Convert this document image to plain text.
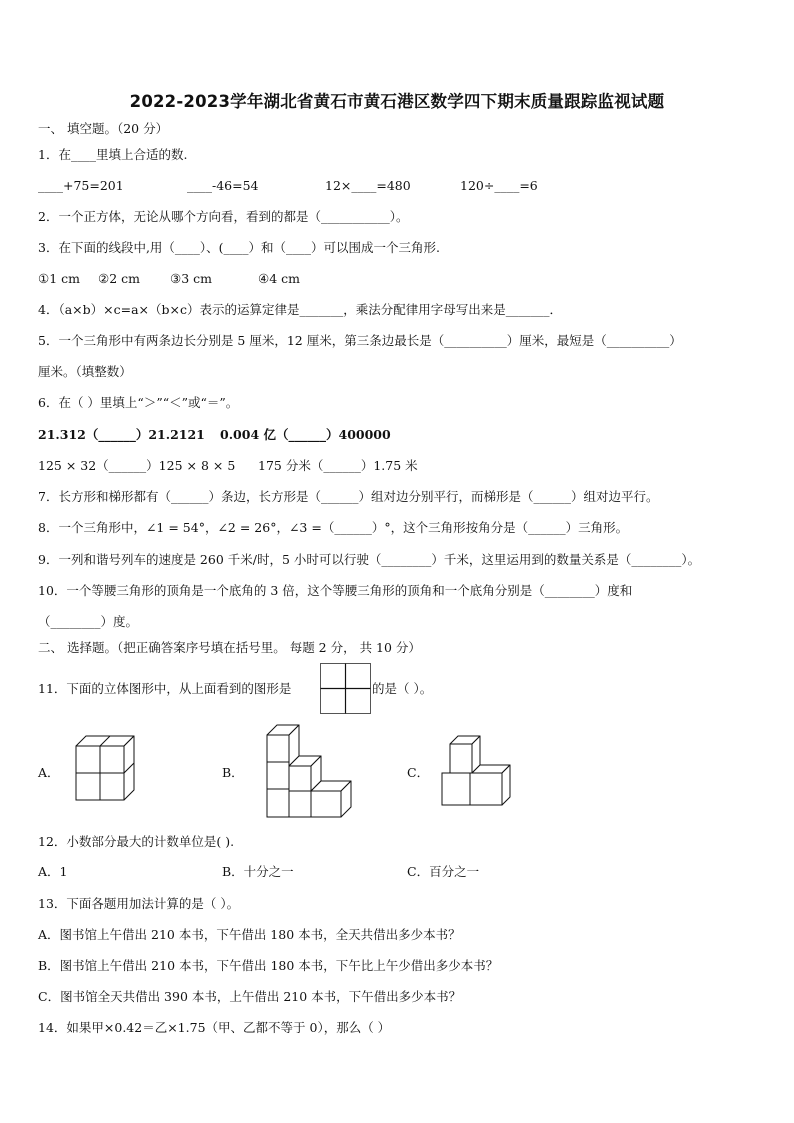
2022-2023学年湖北省黄石市黄石港区数学四下期末质量跟踪监视试题
一、 填空题。（20 分）
1．在____里填上合适的数.
____+75=201	____-46=54	12×____=480	120÷____=6
2．一个正方体，无论从哪个方向看，看到的都是（___________）。
3．在下面的线段中,用（____）、(____）和（____）可以围成一个三角形.
①1 cm ②2 cm ③3 cm	④4 cm
4．（a×b）×c=a×（b×c）表示的运算定律是_______，乘法分配律用字母写出来是_______．
5．一个三角形中有两条边长分别是 5 厘米，12 厘米，第三条边最长是（__________）厘米，最短是（__________）
厘米。（填整数）
6．在（ ）里填上“＞”“＜”或“＝”。
21.312（______）21.2121 0.004 亿（______）400000
125 × 32（______）125 × 8 × 5 175 分米（______）1.75 米
7．长方形和梯形都有（______）条边，长方形是（______）组对边分别平行，而梯形是（______）组对边平行。
8．一个三角形中，∠1 = 54°，∠2 = 26°，∠3 =（______）°，这个三角形按角分是（______）三角形。
9．一列和谐号列车的速度是 260 千米/时，5 小时可以行驶（________）千米，这里运用到的数量关系是（________）。
10．一个等腰三角形的顶角是一个底角的 3 倍，这个等腰三角形的顶角和一个底角分别是（________）度和
（________）度。
二、 选择题。（把正确答案序号填在括号里。 每题 2 分， 共 10 分）
11．下面的立体图形中，从上面看到的图形是	的是（ ）。
A．	B．	C．
12．小数部分最大的计数单位是( ).
A．1	B．十分之一	C．百分之一
13．下面各题用加法计算的是（ ）。
A．图书馆上午借出 210 本书，下午借出 180 本书，全天共借出多少本书？
B．图书馆上午借出 210 本书，下午借出 180 本书，下午比上午少借出多少本书？
C．图书馆全天共借出 390 本书，上午借出 210 本书，下午借出多少本书？
14．如果甲×0.42＝乙×1.75（甲、乙都不等于 0），那么（ ）
